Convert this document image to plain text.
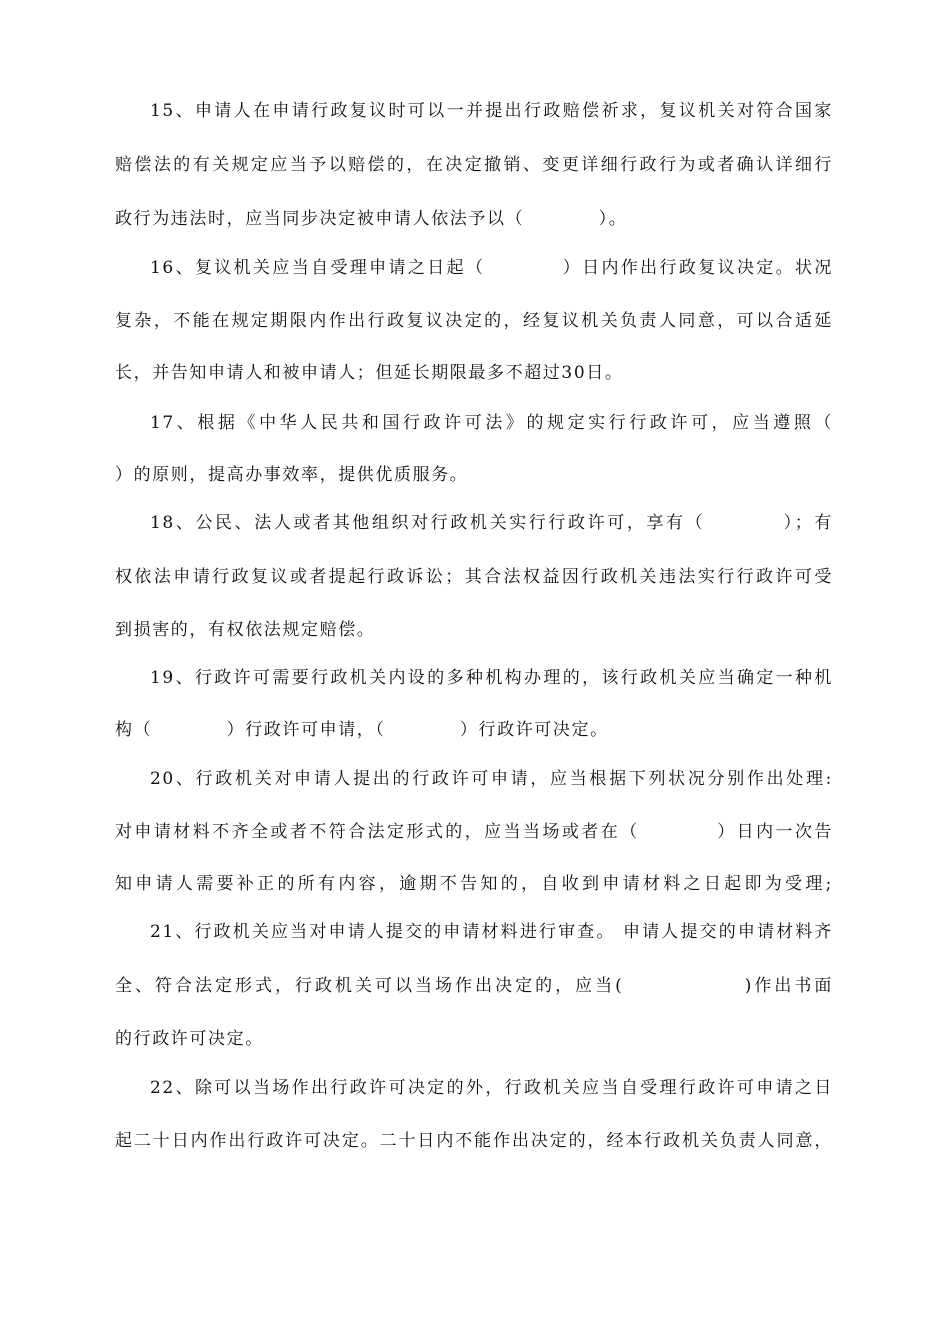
15、申请人在申请行政复议时可以一并提出行政赔偿祈求，复议机关对符合国家
赔偿法的有关规定应当予以赔偿的，在决定撤销、变更详细行政行为或者确认详细行
政行为违法时，应当同步决定被申请人依法予以（　　　　）。
16、复议机关应当自受理申请之日起（　　　　）日内作出行政复议决定。状况
复杂，不能在规定期限内作出行政复议决定的，经复议机关负责人同意，可以合适延
长，并告知申请人和被申请人；但延长期限最多不超过30日。
17、根据《中华人民共和国行政许可法》的规定实行行政许可，应当遵照（
）的原则，提高办事效率，提供优质服务。
18、公民、法人或者其他组织对行政机关实行行政许可，享有（　　　　）；有
权依法申请行政复议或者提起行政诉讼；其合法权益因行政机关违法实行行政许可受
到损害的，有权依法规定赔偿。
19、行政许可需要行政机关内设的多种机构办理的，该行政机关应当确定一种机
构（　　　　）行政许可申请，（　　　　）行政许可决定。
20、行政机关对申请人提出的行政许可申请，应当根据下列状况分别作出处理:
对申请材料不齐全或者不符合法定形式的，应当当场或者在（　　　　）日内一次告
知申请人需要补正的所有内容，逾期不告知的，自收到申请材料之日起即为受理;
21、行政机关应当对申请人提交的申请材料进行审查。 申请人提交的申请材料齐
全、符合法定形式，行政机关可以当场作出决定的，应当(　　　　　　)作出书面
的行政许可决定。
22、除可以当场作出行政许可决定的外，行政机关应当自受理行政许可申请之日
起二十日内作出行政许可决定。二十日内不能作出决定的，经本行政机关负责人同意，
